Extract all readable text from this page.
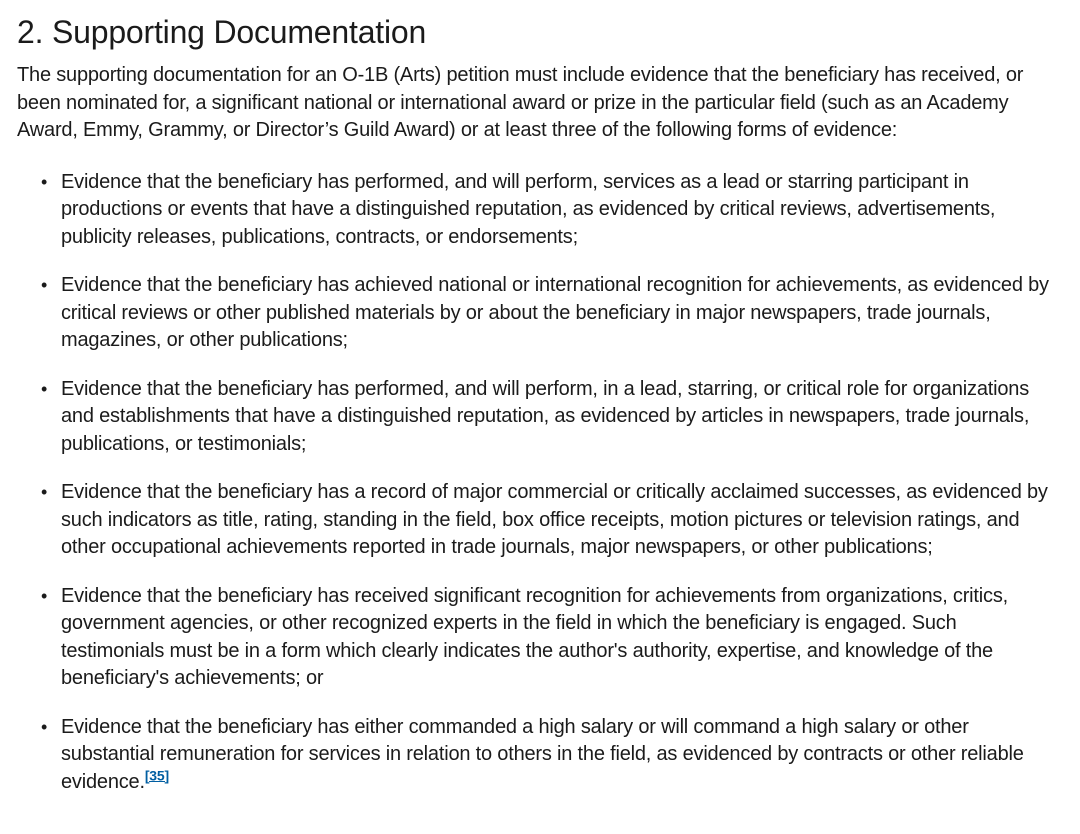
2. Supporting Documentation

The supporting documentation for an O-1B (Arts) petition must include evidence that the beneficiary has received, or been nominated for, a significant national or international award or prize in the particular field (such as an Academy Award, Emmy, Grammy, or Director’s Guild Award) or at least three of the following forms of evidence:

• Evidence that the beneficiary has performed, and will perform, services as a lead or starring participant in productions or events that have a distinguished reputation, as evidenced by critical reviews, advertisements, publicity releases, publications, contracts, or endorsements;
• Evidence that the beneficiary has achieved national or international recognition for achievements, as evidenced by critical reviews or other published materials by or about the beneficiary in major newspapers, trade journals, magazines, or other publications;
• Evidence that the beneficiary has performed, and will perform, in a lead, starring, or critical role for organizations and establishments that have a distinguished reputation, as evidenced by articles in newspapers, trade journals, publications, or testimonials;
• Evidence that the beneficiary has a record of major commercial or critically acclaimed successes, as evidenced by such indicators as title, rating, standing in the field, box office receipts, motion pictures or television ratings, and other occupational achievements reported in trade journals, major newspapers, or other publications;
• Evidence that the beneficiary has received significant recognition for achievements from organizations, critics, government agencies, or other recognized experts in the field in which the beneficiary is engaged. Such testimonials must be in a form which clearly indicates the author's authority, expertise, and knowledge of the beneficiary's achievements; or
• Evidence that the beneficiary has either commanded a high salary or will command a high salary or other substantial remuneration for services in relation to others in the field, as evidenced by contracts or other reliable evidence.[35]
